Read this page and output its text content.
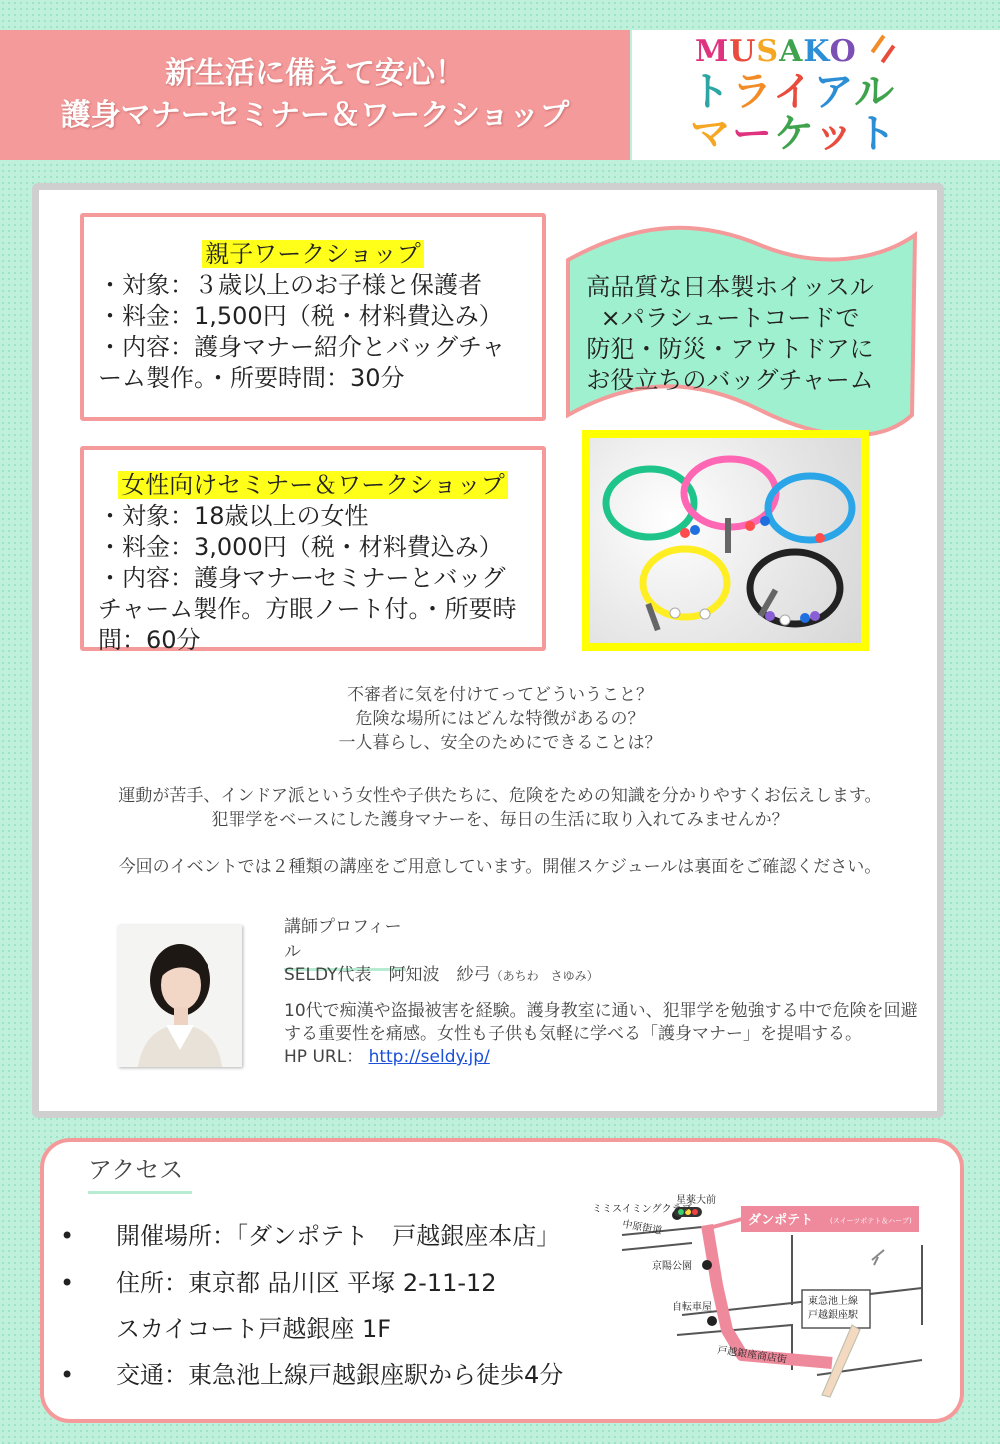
新生活に備えて安心！
護身マナーセミナー＆ワークショップ
MUSAKO
トライアル
マーケット
親子ワークショップ
・対象：３歳以上のお子様と保護者
・料金：1,500円（税・材料費込み）
・内容：護身マナー紹介とバッグチャーム製作。・所要時間：30分
女性向けセミナー＆ワークショップ
・対象：18歳以上の女性
・料金：3,000円（税・材料費込み）
・内容：護身マナーセミナーとバッグチャーム製作。方眼ノート付。・所要時間：60分
高品質な日本製ホイッスル
×パラシュートコードで
防犯・防災・アウトドアに
お役立ちのバッグチャーム
不審者に気を付けてってどういうこと？
危険な場所にはどんな特徴があるの？
一人暮らし、安全のためにできることは？
運動が苦手、インドア派という女性や子供たちに、危険をための知識を分かりやすくお伝えします。
犯罪学をベースにした護身マナーを、毎日の生活に取り入れてみませんか？
今回のイベントでは２種類の講座をご用意しています。開催スケジュールは裏面をご確認ください。
講師プロフィール
SELDY代表　阿知波　紗弓（あちわ　さゆみ）
10代で痴漢や盗撮被害を経験。護身教室に通い、犯罪学を勉強する中で危険を回避する重要性を痛感。女性も子供も気軽に学べる「護身マナー」を提唱する。
HP URL： http://seldy.jp/
アクセス
• 開催場所：「ダンポテト　戸越銀座本店」
• 住所：東京都 品川区 平塚 2-11-12
スカイコート戸越銀座 1F
• 交通：東急池上線戸越銀座駅から徒歩4分
ミミスイミングクラブ
星薬大前
中原街道
京陽公園
自転車屋
戸越銀座商店街
東急池上線
戸越銀座駅
ダンポテト (スイーツポテト＆ハーブ)
